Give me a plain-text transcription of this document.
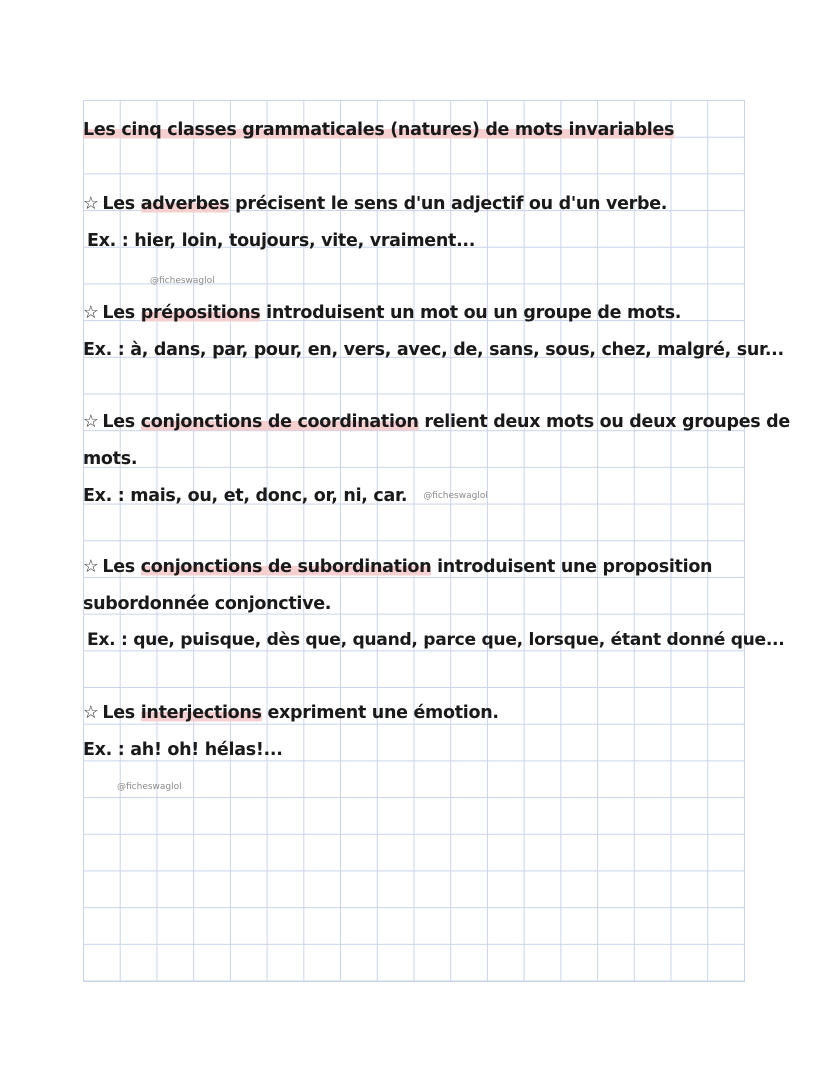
Les cinq classes grammaticales (natures) de mots invariables
☆ Les adverbes précisent le sens d'un adjectif ou d'un verbe.
Ex. : hier, loin, toujours, vite, vraiment...
@ficheswaglol
☆ Les prépositions introduisent un mot ou un groupe de mots.
Ex. : à, dans, par, pour, en, vers, avec, de, sans, sous, chez, malgré, sur...
☆ Les conjonctions de coordination relient deux mots ou deux groupes de
mots.
Ex. : mais, ou, et, donc, or, ni, car. @ficheswaglol
☆ Les conjonctions de subordination introduisent une proposition
subordonnée conjonctive.
Ex. : que, puisque, dès que, quand, parce que, lorsque, étant donné que...
☆ Les interjections expriment une émotion.
Ex. : ah! oh! hélas!...
@ficheswaglol
